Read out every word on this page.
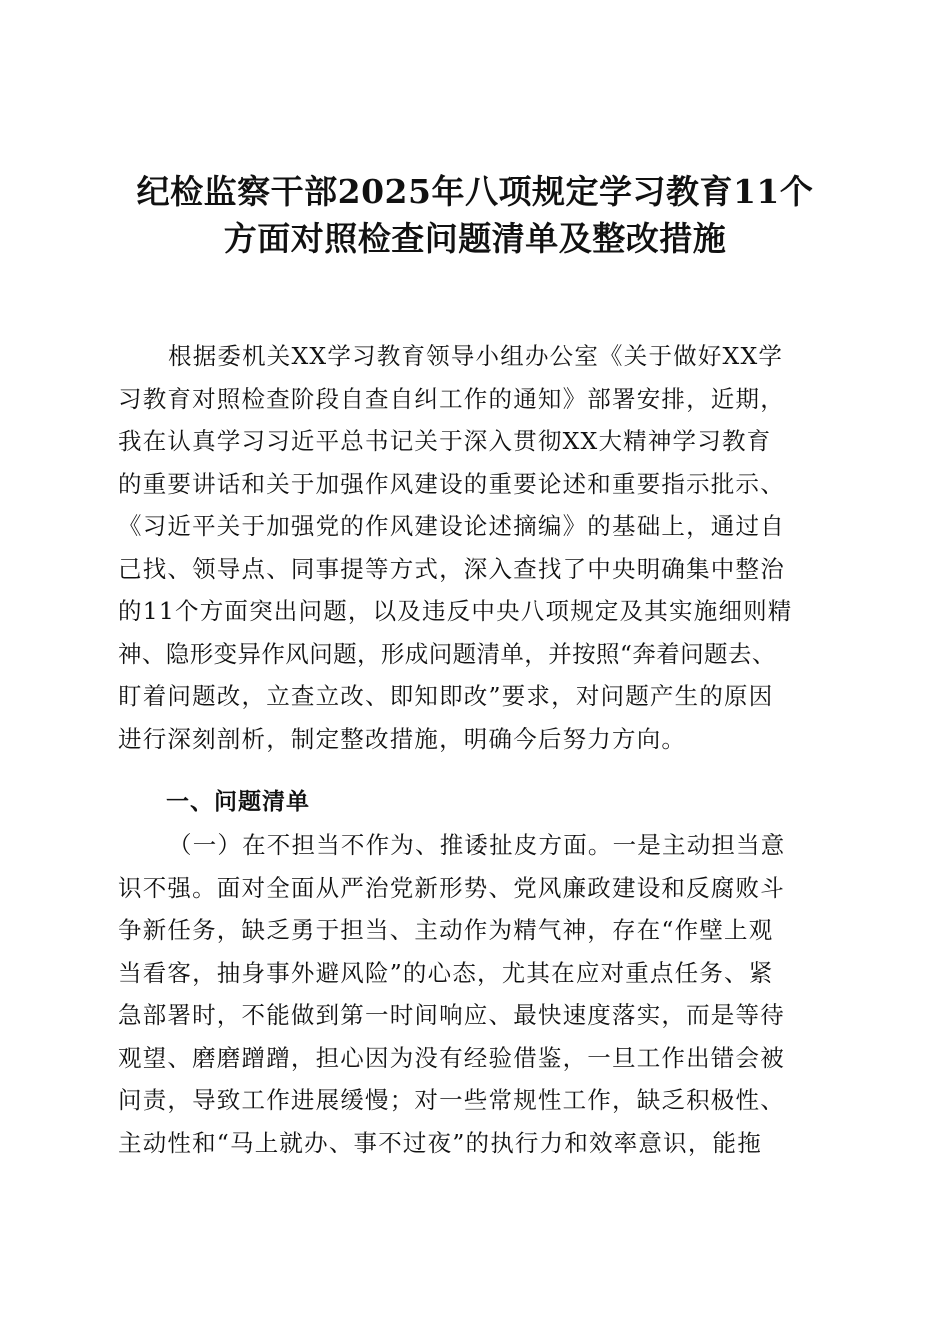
纪检监察干部2025年八项规定学习教育11个
方面对照检查问题清单及整改措施
根据委机关XX学习教育领导小组办公室《关于做好XX学
习教育对照检查阶段自查自纠工作的通知》部署安排，近期，
我在认真学习习近平总书记关于深入贯彻XX大精神学习教育
的重要讲话和关于加强作风建设的重要论述和重要指示批示、
《习近平关于加强党的作风建设论述摘编》的基础上，通过自
己找、领导点、同事提等方式，深入查找了中央明确集中整治
的11个方面突出问题，以及违反中央八项规定及其实施细则精
神、隐形变异作风问题，形成问题清单，并按照“奔着问题去、
盯着问题改，立查立改、即知即改”要求，对问题产生的原因
进行深刻剖析，制定整改措施，明确今后努力方向。
一、问题清单
（一）在不担当不作为、推诿扯皮方面。一是主动担当意
识不强。面对全面从严治党新形势、党风廉政建设和反腐败斗
争新任务，缺乏勇于担当、主动作为精气神，存在“作壁上观
当看客，抽身事外避风险”的心态，尤其在应对重点任务、紧
急部署时，不能做到第一时间响应、最快速度落实，而是等待
观望、磨磨蹭蹭，担心因为没有经验借鉴，一旦工作出错会被
问责，导致工作进展缓慢；对一些常规性工作，缺乏积极性、
主动性和“马上就办、事不过夜”的执行力和效率意识，能拖
